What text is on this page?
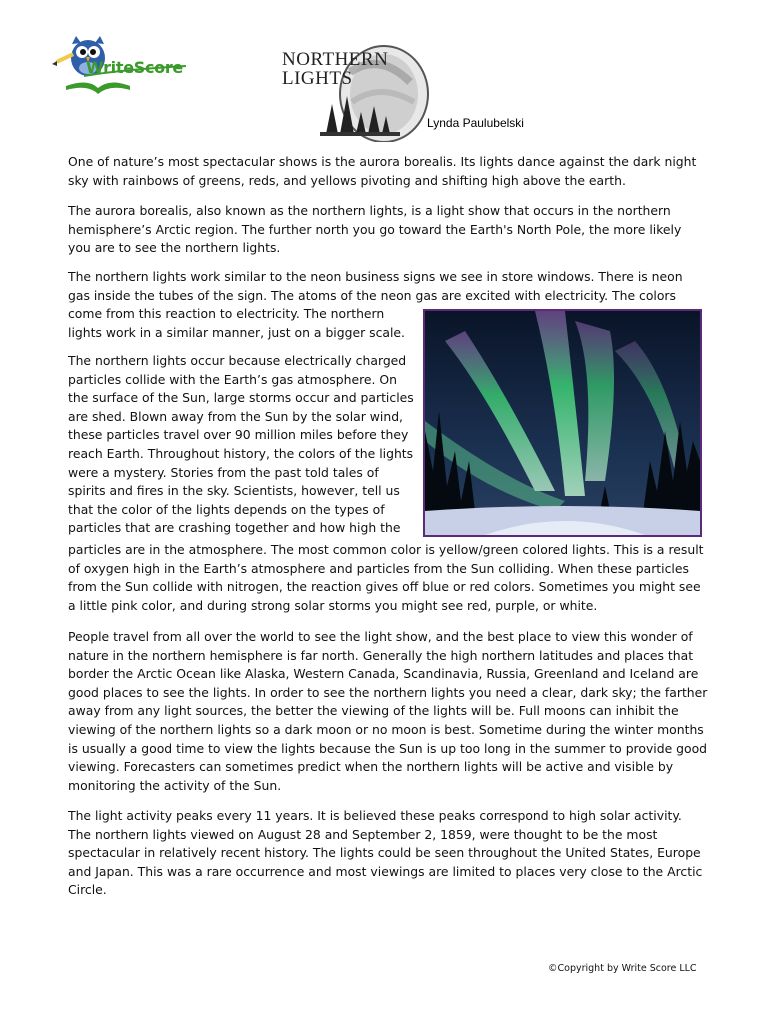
WriteScore	NORTHERN LIGHTS
Lynda Paulubelski

One of nature’s most spectacular shows is the aurora borealis. Its lights dance against the dark night sky with rainbows of greens, reds, and yellows pivoting and shifting high above the earth.

The aurora borealis, also known as the northern lights, is a light show that occurs in the northern hemisphere’s Arctic region. The further north you go toward the Earth's North Pole, the more likely you are to see the northern lights.

The northern lights work similar to the neon business signs we see in store windows. There is neon gas inside the tubes of the sign. The atoms of the neon gas are excited with electricity. The colors

come from this reaction to electricity. The northern lights work in a similar manner, just on a bigger scale.

The northern lights occur because electrically charged particles collide with the Earth’s gas atmosphere. On the surface of the Sun, large storms occur and particles are shed. Blown away from the Sun by the solar wind, these particles travel over 90 million miles before they reach Earth. Throughout history, the colors of the lights were a mystery. Stories from the past told tales of spirits and fires in the sky. Scientists, however, tell us that the color of the lights depends on the types of particles that are crashing together and how high the

particles are in the atmosphere. The most common color is yellow/green colored lights. This is a result of oxygen high in the Earth’s atmosphere and particles from the Sun colliding. When these particles from the Sun collide with nitrogen, the reaction gives off blue or red colors. Sometimes you might see a little pink color, and during strong solar storms you might see red, purple, or white.

People travel from all over the world to see the light show, and the best place to view this wonder of nature in the northern hemisphere is far north. Generally the high northern latitudes and places that border the Arctic Ocean like Alaska, Western Canada, Scandinavia, Russia, Greenland and Iceland are good places to see the lights. In order to see the northern lights you need a clear, dark sky; the farther away from any light sources, the better the viewing of the lights will be. Full moons can inhibit the viewing of the northern lights so a dark moon or no moon is best. Sometime during the winter months is usually a good time to view the lights because the Sun is up too long in the summer to provide good viewing. Forecasters can sometimes predict when the northern lights will be active and visible by monitoring the activity of the Sun.

The light activity peaks every 11 years. It is believed these peaks correspond to high solar activity. The northern lights viewed on August 28 and September 2, 1859, were thought to be the most spectacular in relatively recent history. The lights could be seen throughout the United States, Europe and Japan. This was a rare occurrence and most viewings are limited to places very close to the Arctic Circle.

©Copyright by Write Score LLC
